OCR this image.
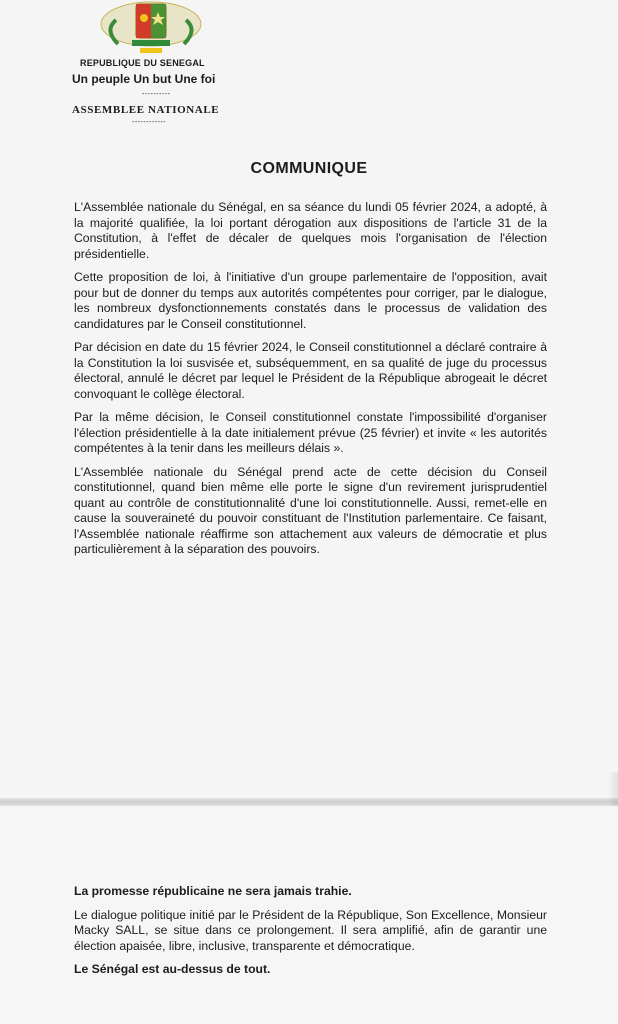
REPUBLIQUE DU SENEGAL
Un peuple Un but Une foi
----------
ASSEMBLEE NATIONALE
------------
COMMUNIQUE

L'Assemblée nationale du Sénégal, en sa séance du lundi 05 février 2024, a adopté, à la majorité qualifiée, la loi portant dérogation aux dispositions de l'article 31 de la Constitution, à l'effet de décaler de quelques mois l'organisation de l'élection présidentielle.

Cette proposition de loi, à l'initiative d'un groupe parlementaire de l'opposition, avait pour but de donner du temps aux autorités compétentes pour corriger, par le dialogue, les nombreux dysfonctionnements constatés dans le processus de validation des candidatures par le Conseil constitutionnel.

Par décision en date du 15 février 2024, le Conseil constitutionnel a déclaré contraire à la Constitution la loi susvisée et, subséquemment, en sa qualité de juge du processus électoral, annulé le décret par lequel le Président de la République abrogeait le décret convoquant le collège électoral.

Par la même décision, le Conseil constitutionnel constate l'impossibilité d'organiser l'élection présidentielle à la date initialement prévue (25 février) et invite « les autorités compétentes à la tenir dans les meilleurs délais ».

L'Assemblée nationale du Sénégal prend acte de cette décision du Conseil constitutionnel, quand bien même elle porte le signe d'un revirement jurisprudentiel quant au contrôle de constitutionnalité d'une loi constitutionnelle. Aussi, remet-elle en cause la souveraineté du pouvoir constituant de l'Institution parlementaire. Ce faisant, l'Assemblée nationale réaffirme son attachement aux valeurs de démocratie et plus particulièrement à la séparation des pouvoirs.

La promesse républicaine ne sera jamais trahie.

Le dialogue politique initié par le Président de la République, Son Excellence, Monsieur Macky SALL, se situe dans ce prolongement. Il sera amplifié, afin de garantir une élection apaisée, libre, inclusive, transparente et démocratique.

Le Sénégal est au-dessus de tout.
